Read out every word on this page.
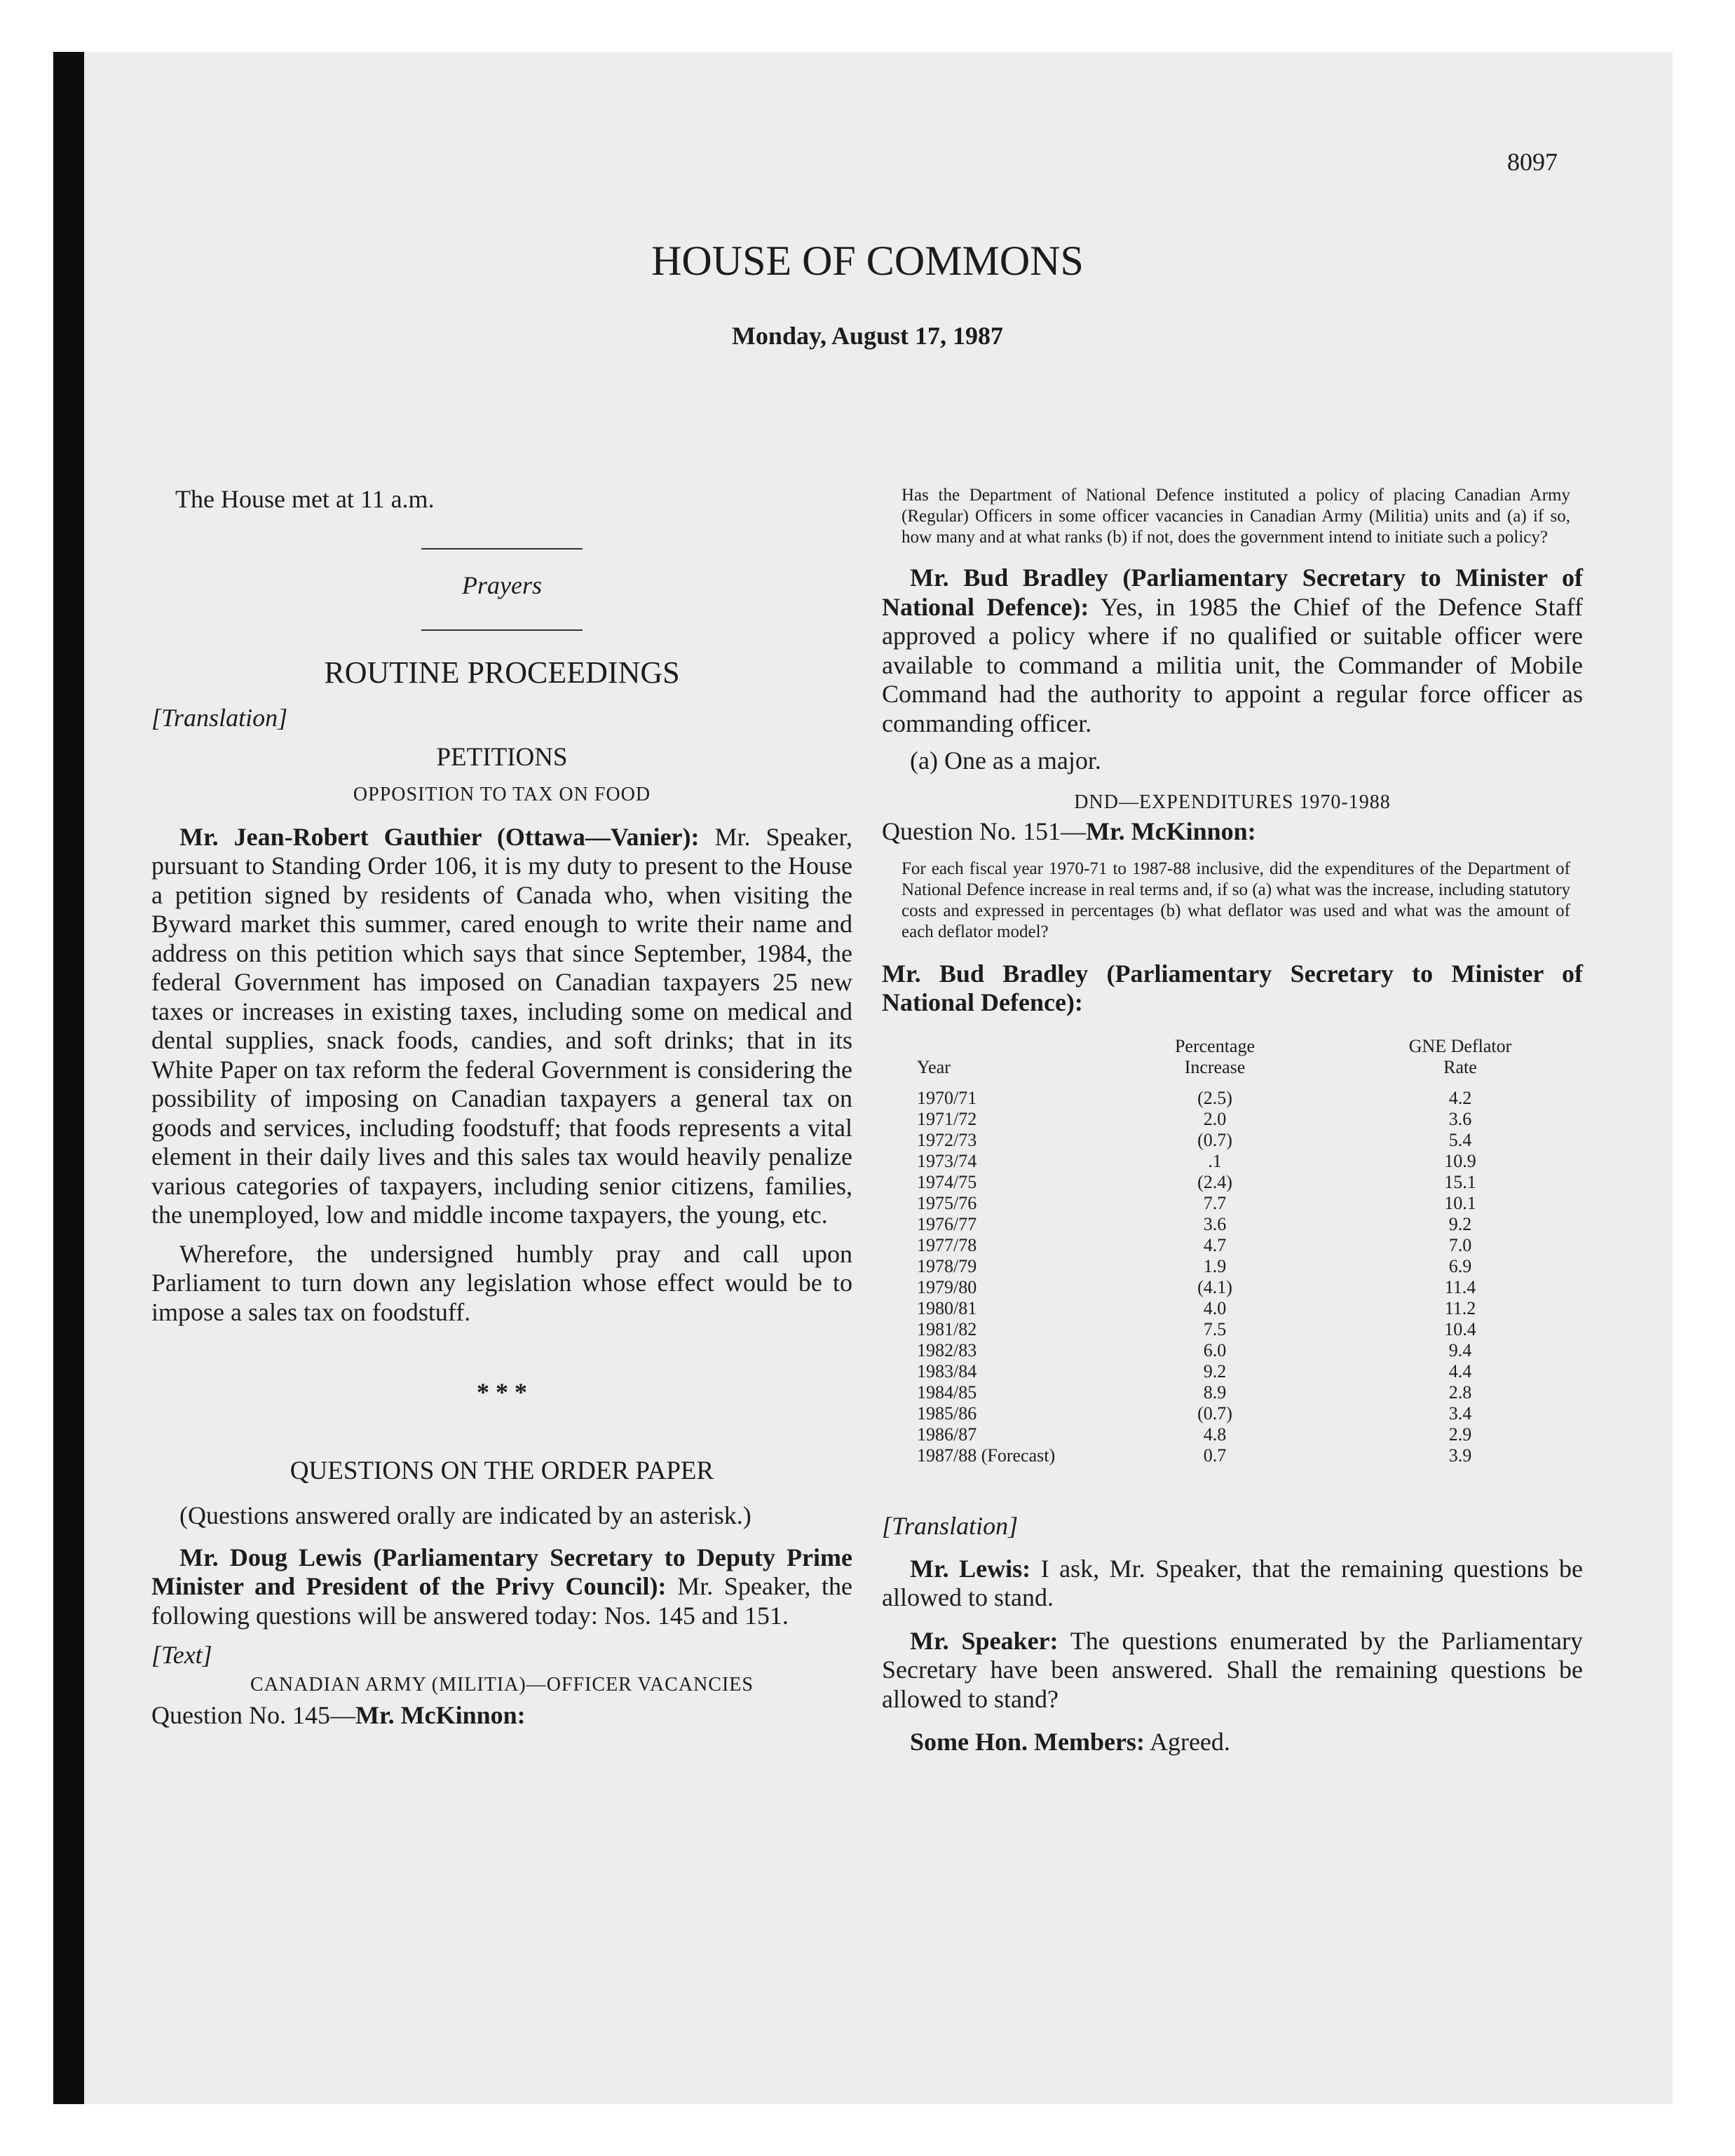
8097
HOUSE OF COMMONS
Monday, August 17, 1987

The House met at 11 a.m.

Prayers

ROUTINE PROCEEDINGS

[Translation]

PETITIONS

OPPOSITION TO TAX ON FOOD

Mr. Jean-Robert Gauthier (Ottawa—Vanier): Mr. Speaker, pursuant to Standing Order 106, it is my duty to present to the House a petition signed by residents of Canada who, when visiting the Byward market this summer, cared enough to write their name and address on this petition which says that since September, 1984, the federal Government has imposed on Canadian taxpayers 25 new taxes or increases in existing taxes, including some on medical and dental supplies, snack foods, candies, and soft drinks; that in its White Paper on tax reform the federal Government is considering the possibility of imposing on Canadian taxpayers a general tax on goods and services, including foodstuff; that foods represents a vital element in their daily lives and this sales tax would heavily penalize various categories of taxpayers, including senior citizens, families, the unemployed, low and middle income taxpayers, the young, etc.

Wherefore, the undersigned humbly pray and call upon Parliament to turn down any legislation whose effect would be to impose a sales tax on foodstuff.

* * *

QUESTIONS ON THE ORDER PAPER

(Questions answered orally are indicated by an asterisk.)

Mr. Doug Lewis (Parliamentary Secretary to Deputy Prime Minister and President of the Privy Council): Mr. Speaker, the following questions will be answered today: Nos. 145 and 151.

[Text]

CANADIAN ARMY (MILITIA)—OFFICER VACANCIES

Question No. 145—Mr. McKinnon:

Has the Department of National Defence instituted a policy of placing Canadian Army (Regular) Officers in some officer vacancies in Canadian Army (Militia) units and (a) if so, how many and at what ranks (b) if not, does the government intend to initiate such a policy?

Mr. Bud Bradley (Parliamentary Secretary to Minister of National Defence): Yes, in 1985 the Chief of the Defence Staff approved a policy where if no qualified or suitable officer were available to command a militia unit, the Commander of Mobile Command had the authority to appoint a regular force officer as commanding officer.

(a) One as a major.

DND—EXPENDITURES 1970-1988

Question No. 151—Mr. McKinnon:

For each fiscal year 1970-71 to 1987-88 inclusive, did the expenditures of the Department of National Defence increase in real terms and, if so (a) what was the increase, including statutory costs and expressed in percentages (b) what deflator was used and what was the amount of each deflator model?

Mr. Bud Bradley (Parliamentary Secretary to Minister of National Defence):

Year	Percentage Increase	GNE Deflator Rate

1970/71	(2.5)	4.2
1971/72	2.0	3.6
1972/73	(0.7)	5.4
1973/74	.1	10.9
1974/75	(2.4)	15.1
1975/76	7.7	10.1
1976/77	3.6	9.2
1977/78	4.7	7.0
1978/79	1.9	6.9
1979/80	(4.1)	11.4
1980/81	4.0	11.2
1981/82	7.5	10.4
1982/83	6.0	9.4
1983/84	9.2	4.4
1984/85	8.9	2.8
1985/86	(0.7)	3.4
1986/87	4.8	2.9
1987/88 (Forecast)	0.7	3.9

[Translation]

Mr. Lewis: I ask, Mr. Speaker, that the remaining questions be allowed to stand.

Mr. Speaker: The questions enumerated by the Parliamentary Secretary have been answered. Shall the remaining questions be allowed to stand?

Some Hon. Members: Agreed.
